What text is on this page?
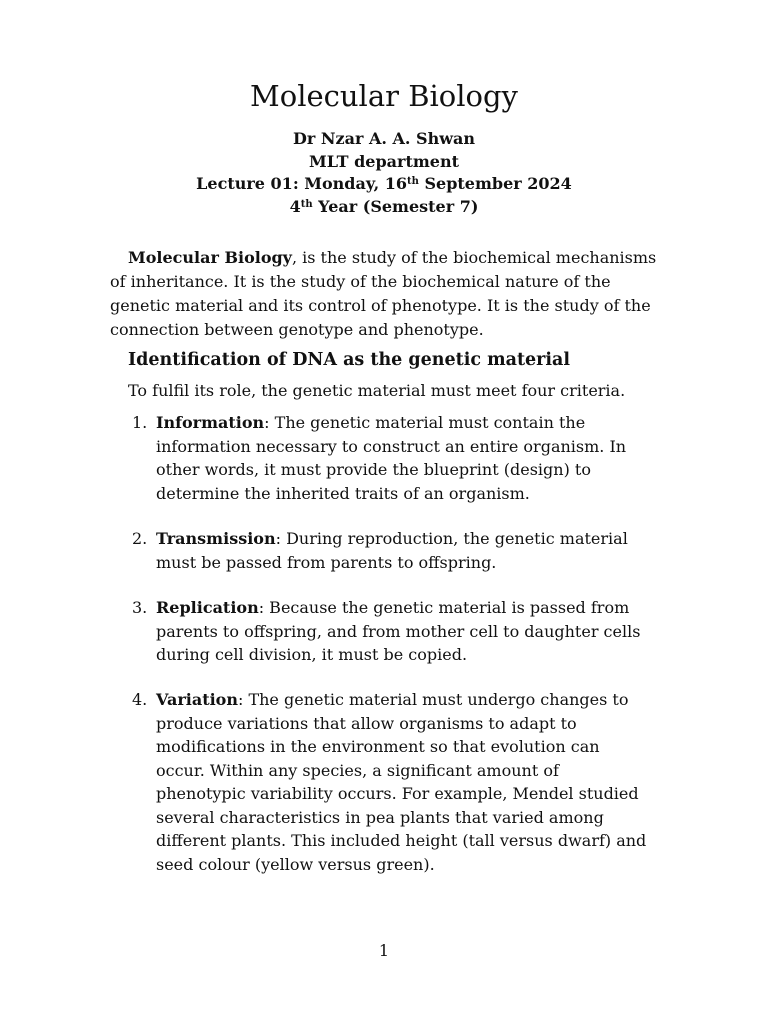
Molecular Biology
Dr Nzar A. A. Shwan
MLT department
Lecture 01: Monday, 16th September 2024
4th Year (Semester 7)

Molecular Biology, is the study of the biochemical mechanisms of inheritance. It is the study of the biochemical nature of the genetic material and its control of phenotype. It is the study of the connection between genotype and phenotype.

Identification of DNA as the genetic material

To fulfil its role, the genetic material must meet four criteria.

1. Information: The genetic material must contain the information necessary to construct an entire organism. In other words, it must provide the blueprint (design) to determine the inherited traits of an organism.
2. Transmission: During reproduction, the genetic material must be passed from parents to offspring.
3. Replication: Because the genetic material is passed from parents to offspring, and from mother cell to daughter cells during cell division, it must be copied.
4. Variation: The genetic material must undergo changes to produce variations that allow organisms to adapt to modifications in the environment so that evolution can occur. Within any species, a significant amount of phenotypic variability occurs. For example, Mendel studied several characteristics in pea plants that varied among different plants. This included height (tall versus dwarf) and seed colour (yellow versus green).
1
